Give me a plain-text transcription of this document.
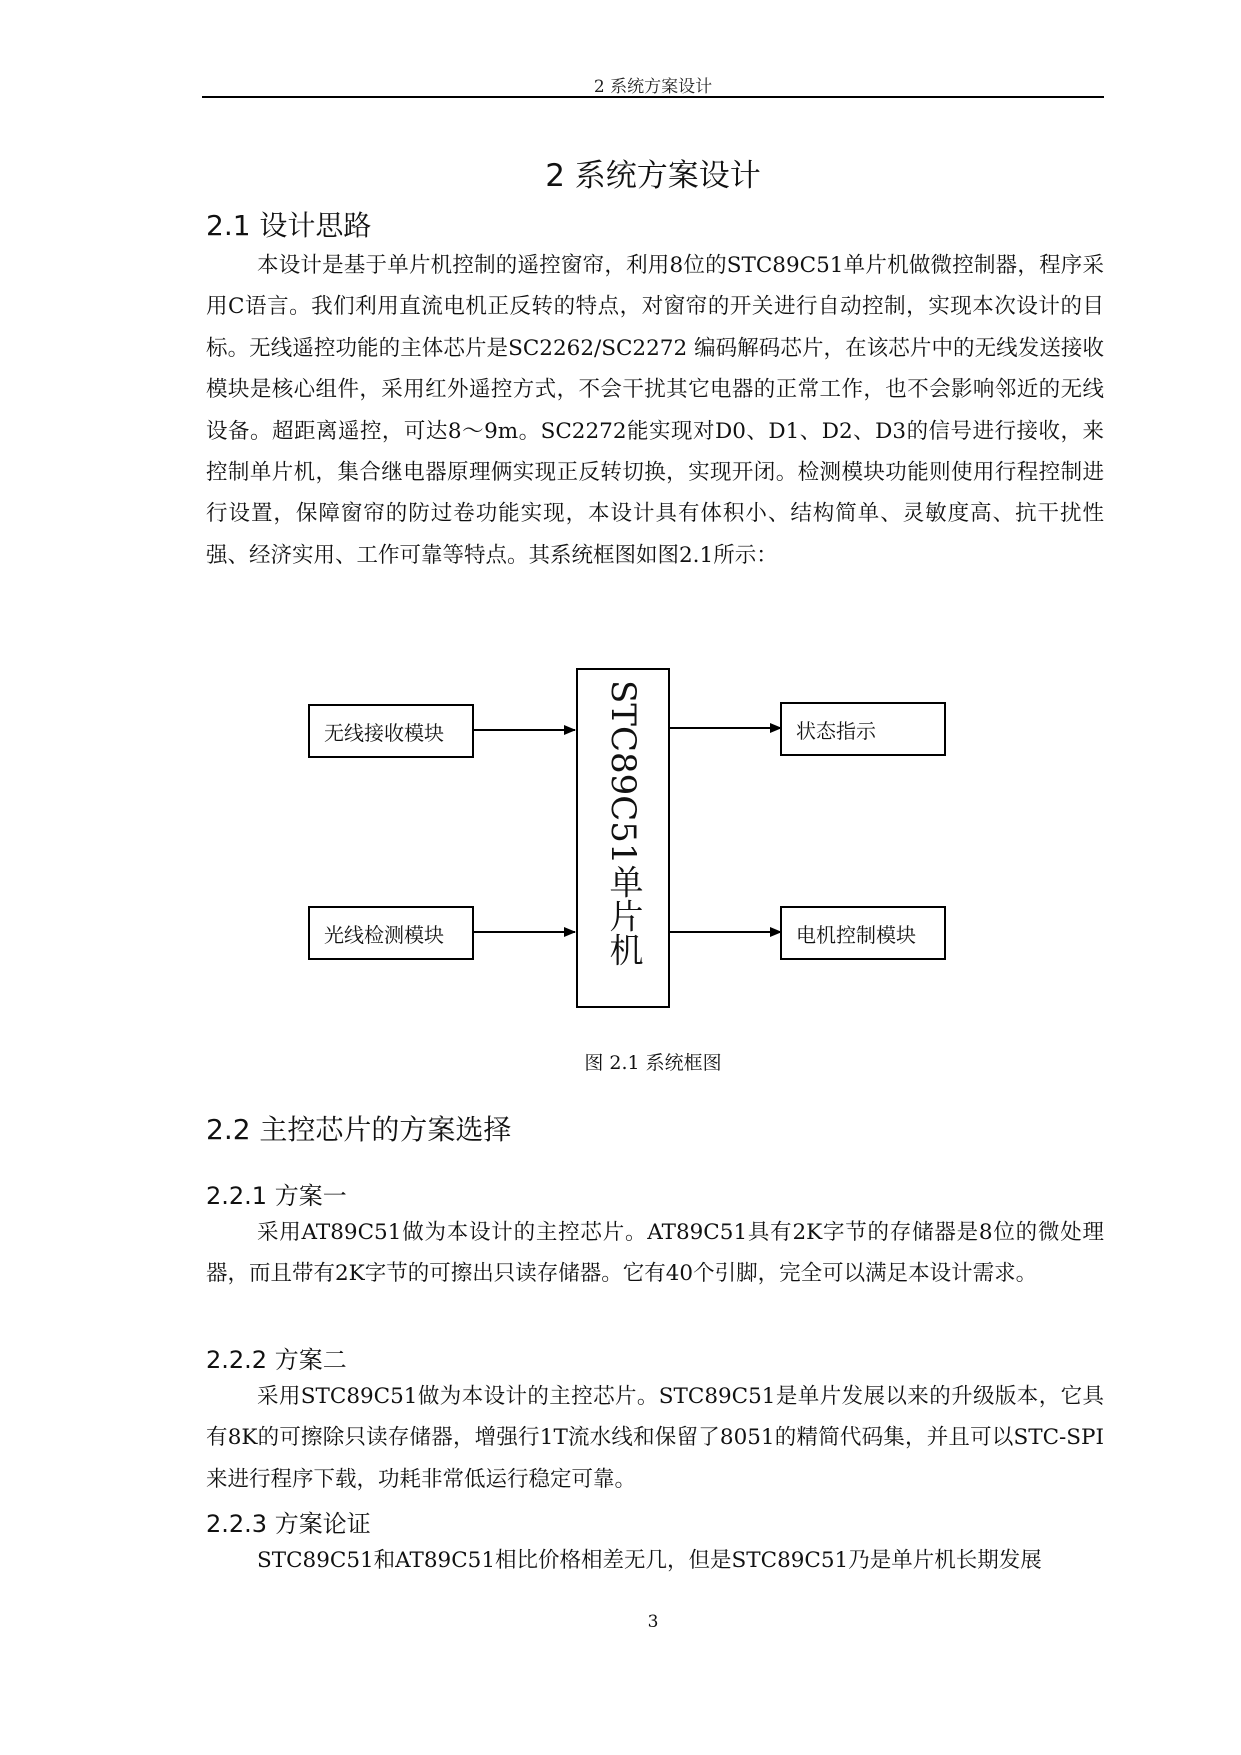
2 系统方案设计
2 系统方案设计
2.1 设计思路

本设计是基于单片机控制的遥控窗帘，利用8位的STC89C51单片机做微控制器，程序采用C语言。我们利用直流电机正反转的特点，对窗帘的开关进行自动控制，实现本次设计的目标。无线遥控功能的主体芯片是SC2262/SC2272 编码解码芯片，在该芯片中的无线发送接收模块是核心组件，采用红外遥控方式，不会干扰其它电器的正常工作，也不会影响邻近的无线设备。超距离遥控，可达8～9m。SC2272能实现对D0、D1、D2、D3的信号进行接收，来控制单片机，集合继电器原理俩实现正反转切换，实现开闭。检测模块功能则使用行程控制进行设置，保障窗帘的防过卷功能实现，本设计具有体积小、结构简单、灵敏度高、抗干扰性强、经济实用、工作可靠等特点。其系统框图如图2.1所示：

无线接收模块
光线检测模块	STC89C51单片机	状态指示
电机控制模块
图 2.1 系统框图
2.2 主控芯片的方案选择
2.2.1 方案一

采用AT89C51做为本设计的主控芯片。AT89C51具有2K字节的存储器是8位的微处理器，而且带有2K字节的可擦出只读存储器。它有40个引脚，完全可以满足本设计需求。

2.2.2 方案二

采用STC89C51做为本设计的主控芯片。STC89C51是单片发展以来的升级版本，它具有8K的可擦除只读存储器，增强行1T流水线和保留了8051的精简代码集，并且可以STC-SPI来进行程序下载，功耗非常低运行稳定可靠。

2.2.3 方案论证

STC89C51和AT89C51相比价格相差无几，但是STC89C51乃是单片机长期发展

3
